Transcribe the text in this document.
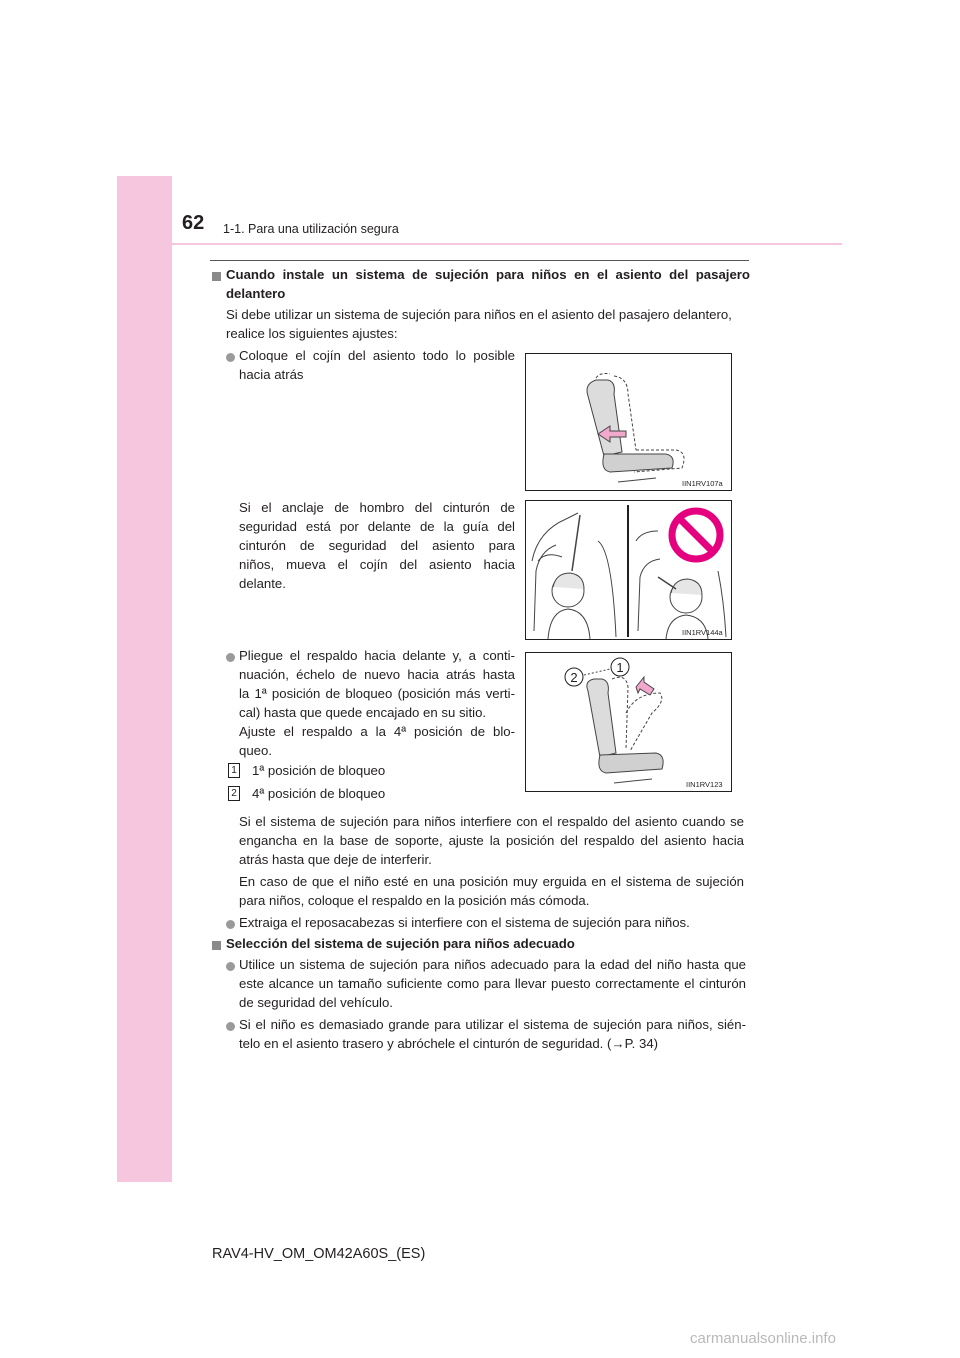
62 1-1. Para una utilización segura
Cuando instale un sistema de sujeción para niños en el asiento del pasajero
delantero
Si debe utilizar un sistema de sujeción para niños en el asiento del pasajero delantero,
realice los siguientes ajustes:
Coloque el cojín del asiento todo lo posible
hacia atrás
IIN1RV107a
Si el anclaje de hombro del cinturón de
seguridad está por delante de la guía del
cinturón de seguridad del asiento para
niños, mueva el cojín del asiento hacia
delante.
IIN1RV144a
Pliegue el respaldo hacia delante y, a conti-
nuación, échelo de nuevo hacia atrás hasta
la 1ª posición de bloqueo (posición más verti-
cal) hasta que quede encajado en su sitio.
Ajuste el respaldo a la 4ª posición de blo-
queo.
2
1
IIN1RV123
1 1ª posición de bloqueo
2 4ª posición de bloqueo
Si el sistema de sujeción para niños interfiere con el respaldo del asiento cuando se
engancha en la base de soporte, ajuste la posición del respaldo del asiento hacia
atrás hasta que deje de interferir.
En caso de que el niño esté en una posición muy erguida en el sistema de sujeción
para niños, coloque el respaldo en la posición más cómoda.
Extraiga el reposacabezas si interfiere con el sistema de sujeción para niños.
Selección del sistema de sujeción para niños adecuado
Utilice un sistema de sujeción para niños adecuado para la edad del niño hasta que
este alcance un tamaño suficiente como para llevar puesto correctamente el cinturón
de seguridad del vehículo.
Si el niño es demasiado grande para utilizar el sistema de sujeción para niños, sién-
telo en el asiento trasero y abróchele el cinturón de seguridad. (→P. 34)
RAV4-HV_OM_OM42A60S_(ES)
carmanualsonline.info
